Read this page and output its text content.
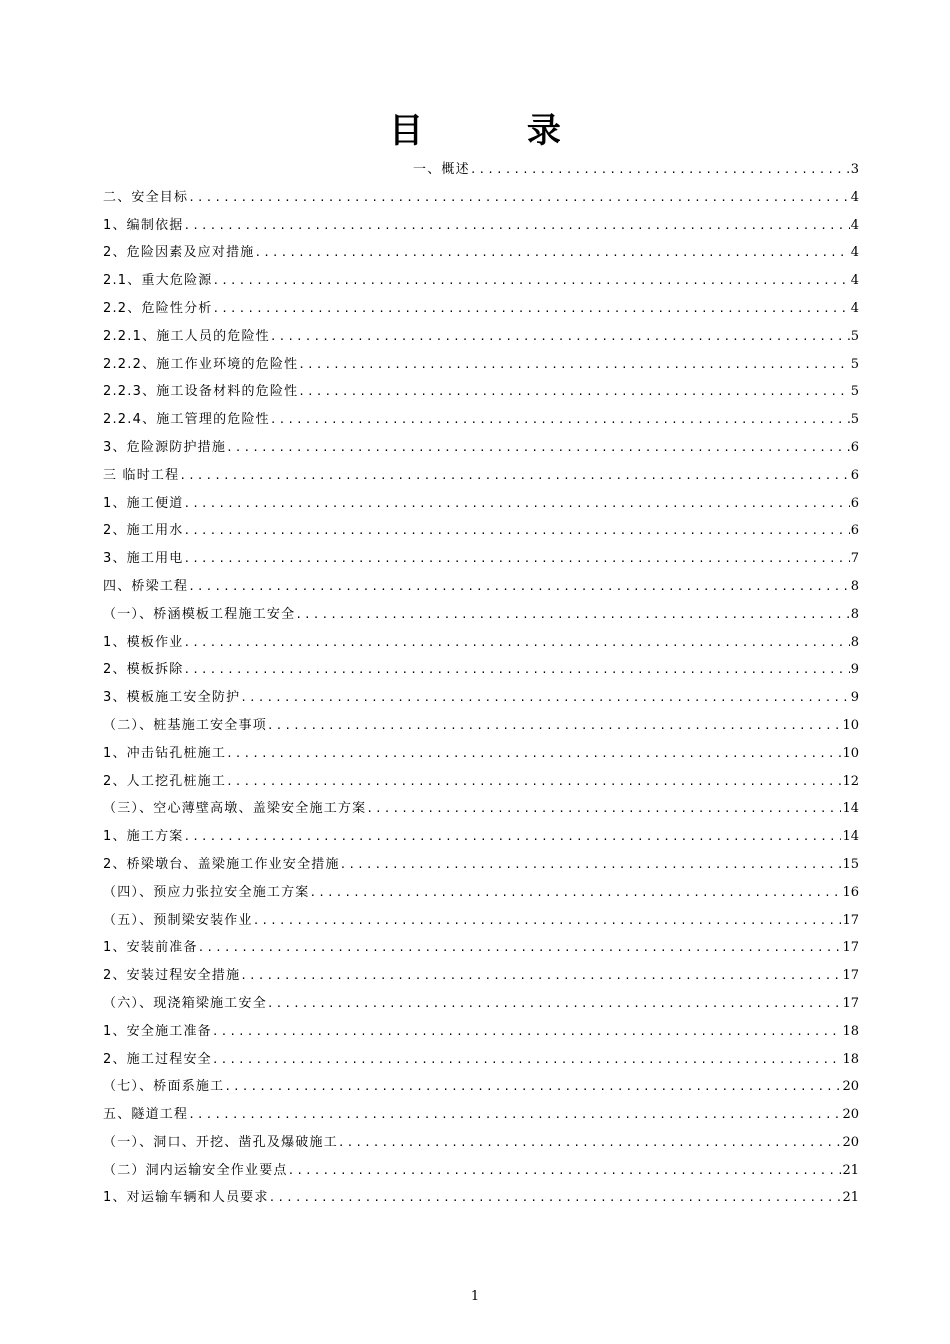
目 录
一、概述 .....	3
二、安全目标 .....	4
1、编制依据 .....	4
2、危险因素及应对措施 .....	4
2.1、重大危险源 .....	4
2.2、危险性分析 .....	4
2.2.1、施工人员的危险性 .....	5
2.2.2、施工作业环境的危险性 .....	5
2.2.3、施工设备材料的危险性 .....	5
2.2.4、施工管理的危险性 .....	5
3、危险源防护措施 .....	6
三 临时工程 .....	6
1、施工便道 .....	6
2、施工用水 .....	6
3、施工用电 .....	7
四、桥梁工程 .....	8
（一）、桥涵模板工程施工安全 .....	8
1、模板作业 .....	8
2、模板拆除 .....	9
3、模板施工安全防护 .....	9
（二）、桩基施工安全事项 .....	10
1、冲击钻孔桩施工 .....	10
2、人工挖孔桩施工 .....	12
（三）、空心薄壁高墩、盖梁安全施工方案 .....	14
1、施工方案 .....	14
2、桥梁墩台、盖梁施工作业安全措施 .....	15
（四）、预应力张拉安全施工方案 .....	16
（五）、预制梁安装作业 .....	17
1、安装前准备 .....	17
2、安装过程安全措施 .....	17
（六）、现浇箱梁施工安全 .....	17
1、安全施工准备 .....	18
2、施工过程安全 .....	18
（七）、桥面系施工 .....	20
五、隧道工程 .....	20
（一）、洞口、开挖、凿孔及爆破施工 .....	20
（二）洞内运输安全作业要点 .....	21
1、对运输车辆和人员要求 .....	21
1
